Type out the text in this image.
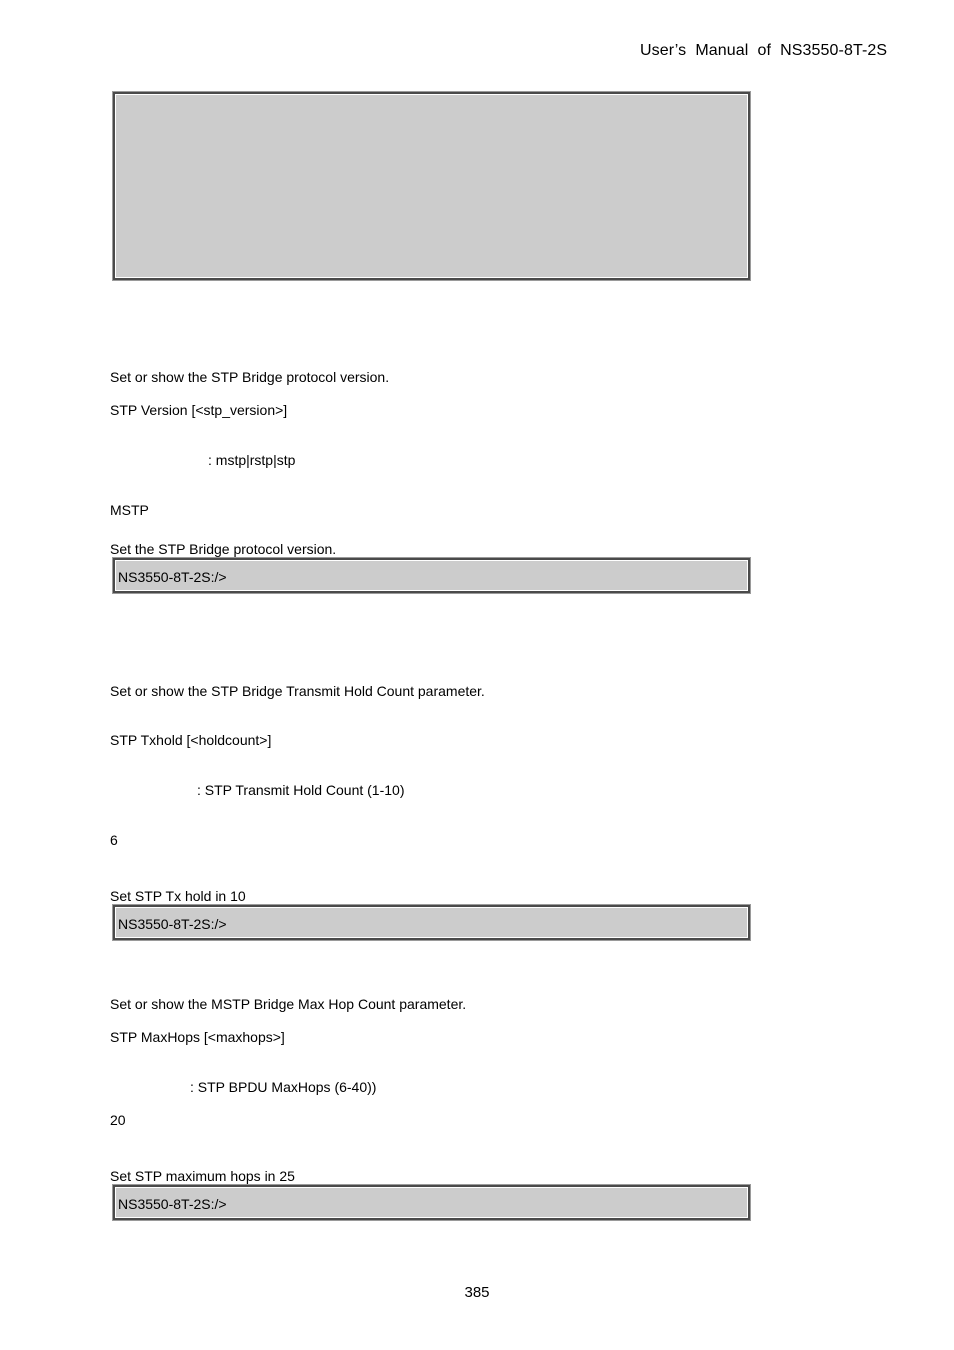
User’s  Manual  of  NS3550-8T-2S
Set or show the STP Bridge protocol version.
STP Version [<stp_version>]
: mstp|rstp|stp
MSTP
Set the STP Bridge protocol version.
NS3550-8T-2S:/>
Set or show the STP Bridge Transmit Hold Count parameter.
STP Txhold [<holdcount>]
: STP Transmit Hold Count (1-10)
6
Set STP Tx hold in 10
NS3550-8T-2S:/>
Set or show the MSTP Bridge Max Hop Count parameter.
STP MaxHops [<maxhops>]
: STP BPDU MaxHops (6-40))
20
Set STP maximum hops in 25
NS3550-8T-2S:/>
385
